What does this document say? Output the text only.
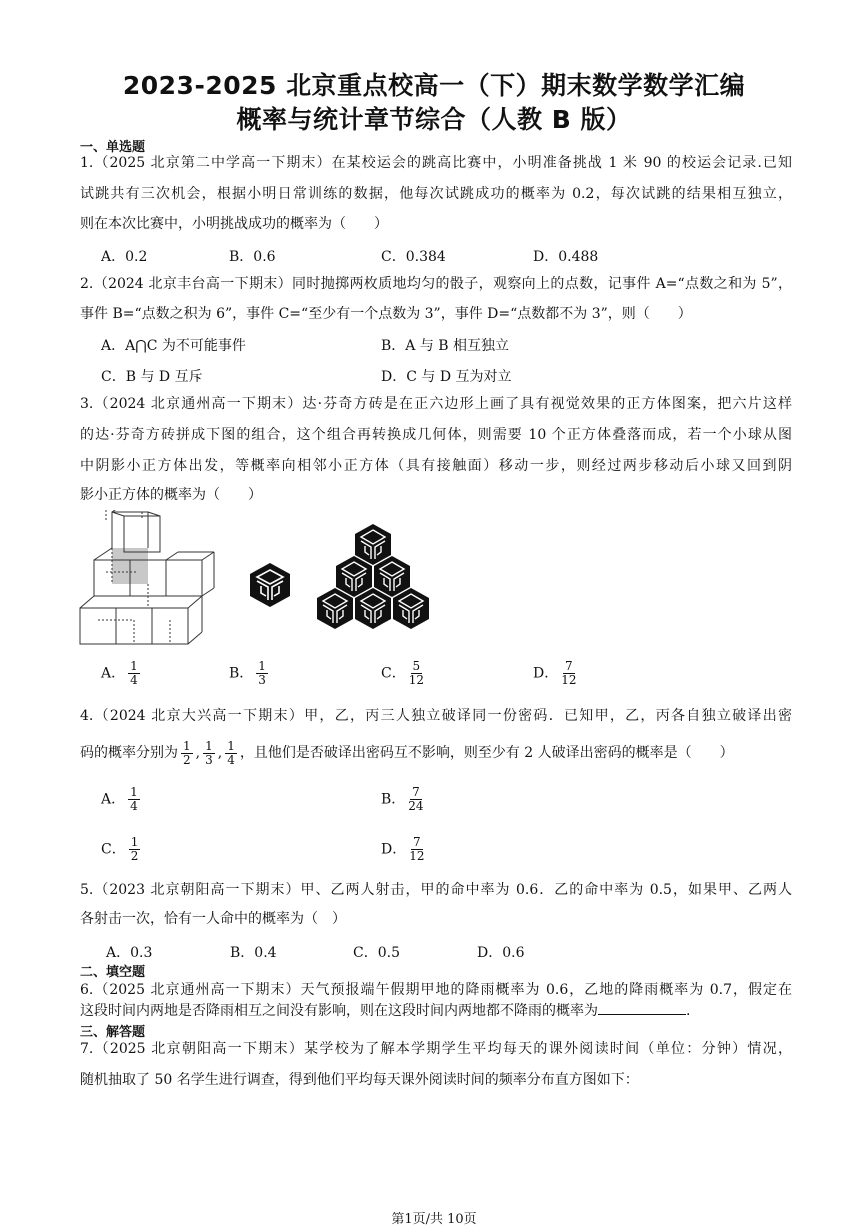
2023-2025 北京重点校高一（下）期末数学数学汇编
概率与统计章节综合（人教 B 版）
一、单选题
1.（2025 北京第二中学高一下期末）在某校运会的跳高比赛中，小明准备挑战 1 米 90 的校运会记录.已知
试跳共有三次机会，根据小明日常训练的数据，他每次试跳成功的概率为 0.2，每次试跳的结果相互独立，
则在本次比赛中，小明挑战成功的概率为（　　）
A．0.2	B．0.6	C．0.384	D．0.488
2.（2024 北京丰台高一下期末）同时抛掷两枚质地均匀的骰子，观察向上的点数，记事件 A=“点数之和为 5”，
事件 B=“点数之积为 6”，事件 C=“至少有一个点数为 3”，事件 D=“点数都不为 3”，则（　　）
A．A⋂C 为不可能事件	B．A 与 B 相互独立
C．B 与 D 互斥	D．C 与 D 互为对立
3.（2024 北京通州高一下期末）达·芬奇方砖是在正六边形上画了具有视觉效果的正方体图案，把六片这样
的达·芬奇方砖拼成下图的组合，这个组合再转换成几何体，则需要 10 个正方体叠落而成，若一个小球从图
中阴影小正方体出发，等概率向相邻小正方体（具有接触面）移动一步，则经过两步移动后小球又回到阴
影小正方体的概率为（　　）
A． $\frac{1}{4}$	B． $\frac{1}{3}$	C． $\frac{5}{12}$	D． $\frac{7}{12}$
4.（2024 北京大兴高一下期末）甲，乙，丙三人独立破译同一份密码．已知甲，乙，丙各自独立破译出密
码的概率分别为 $\frac{1}{2}$ , $\frac{1}{3}$ , $\frac{1}{4}$ ，且他们是否破译出密码互不影响，则至少有 2 人破译出密码的概率是（　　）
A． $\frac{1}{4}$	B． $\frac{7}{24}$
C． $\frac{1}{2}$	D． $\frac{7}{12}$
5.（2023 北京朝阳高一下期末）甲、乙两人射击，甲的命中率为 0.6．乙的命中率为 0.5，如果甲、乙两人
各射击一次，恰有一人命中的概率为（　）
A．0.3	B．0.4	C．0.5	D．0.6
二、填空题
6.（2025 北京通州高一下期末）天气预报端午假期甲地的降雨概率为 0.6，乙地的降雨概率为 0.7，假定在
这段时间内两地是否降雨相互之间没有影响，则在这段时间内两地都不降雨的概率为	.
三、解答题
7.（2025 北京朝阳高一下期末）某学校为了解本学期学生平均每天的课外阅读时间（单位：分钟）情况，
随机抽取了 50 名学生进行调查，得到他们平均每天课外阅读时间的频率分布直方图如下：
第1页/共 10页
